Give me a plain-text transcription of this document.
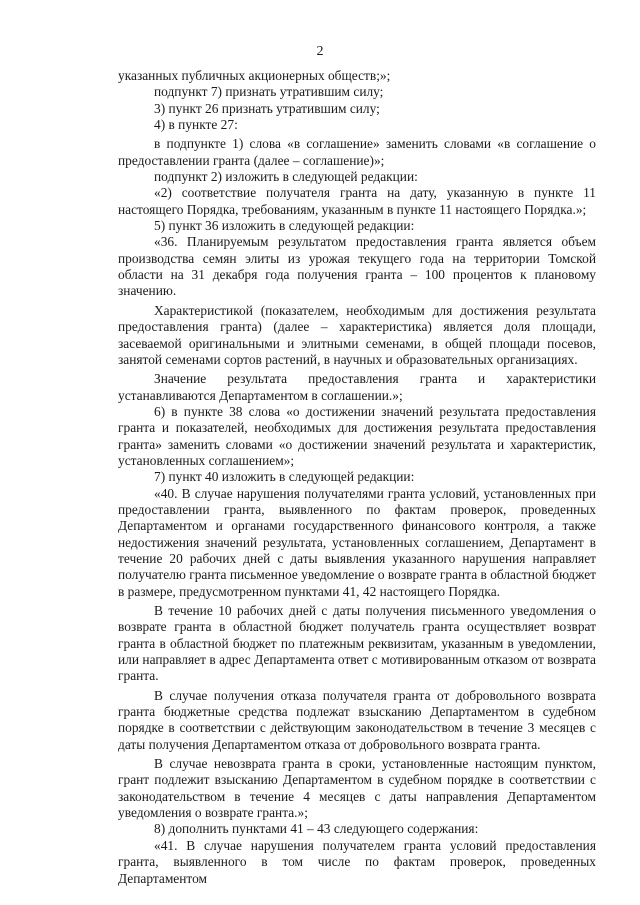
2

указанных публичных акционерных обществ;»;

подпункт 7) признать утратившим силу;

3) пункт 26 признать утратившим силу;

4) в пункте 27:

в подпункте 1) слова «в соглашение» заменить словами «в соглашение о предоставлении гранта (далее – соглашение)»;

подпункт 2) изложить в следующей редакции:

«2) соответствие получателя гранта на дату, указанную в пункте 11 настоящего Порядка, требованиям, указанным в пункте 11 настоящего Порядка.»;

5) пункт 36 изложить в следующей редакции:

«36. Планируемым результатом предоставления гранта является объем производства семян элиты из урожая текущего года на территории Томской области на 31 декабря года получения гранта – 100 процентов к плановому значению.

Характеристикой (показателем, необходимым для достижения результата предоставления гранта) (далее – характеристика) является доля площади, засеваемой оригинальными и элитными семенами, в общей площади посевов, занятой семенами сортов растений, в научных и образовательных организациях.

Значение результата предоставления гранта и характеристики устанавливаются Департаментом в соглашении.»;

6) в пункте 38 слова «о достижении значений результата предоставления гранта и показателей, необходимых для достижения результата предоставления гранта» заменить словами «о достижении значений результата и характеристик, установленных соглашением»;

7) пункт 40 изложить в следующей редакции:

«40. В случае нарушения получателями гранта условий, установленных при предоставлении гранта, выявленного по фактам проверок, проведенных Департаментом и органами государственного финансового контроля, а также недостижения значений результата, установленных соглашением, Департамент в течение 20 рабочих дней с даты выявления указанного нарушения направляет получателю гранта письменное уведомление о возврате гранта в областной бюджет в размере, предусмотренном пунктами 41, 42 настоящего Порядка.

В течение 10 рабочих дней с даты получения письменного уведомления о возврате гранта в областной бюджет получатель гранта осуществляет возврат гранта в областной бюджет по платежным реквизитам, указанным в уведомлении, или направляет в адрес Департамента ответ с мотивированным отказом от возврата гранта.

В случае получения отказа получателя гранта от добровольного возврата гранта бюджетные средства подлежат взысканию Департаментом в судебном порядке в соответствии с действующим законодательством в течение 3 месяцев с даты получения Департаментом отказа от добровольного возврата гранта.

В случае невозврата гранта в сроки, установленные настоящим пунктом, грант подлежит взысканию Департаментом в судебном порядке в соответствии с законодательством в течение 4 месяцев с даты направления Департаментом уведомления о возврате гранта.»;

8) дополнить пунктами 41 – 43 следующего содержания:

«41. В случае нарушения получателем гранта условий предоставления гранта, выявленного в том числе по фактам проверок, проведенных Департаментом
